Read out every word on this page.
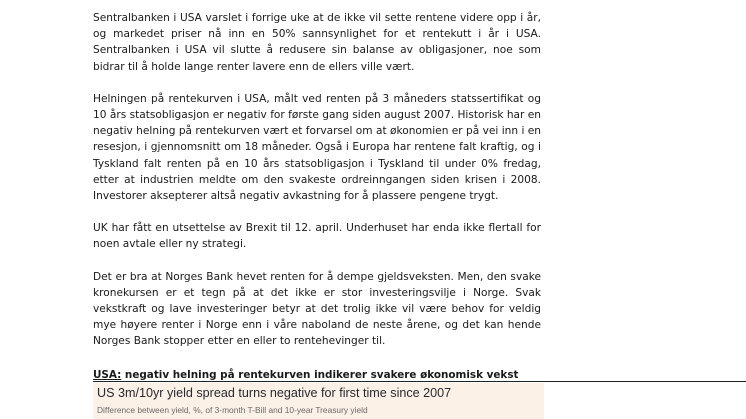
Sentralbanken i USA varslet i forrige uke at de ikke vil sette rentene videre opp i år, og markedet priser nå inn en 50% sannsynlighet for et rentekutt i år i USA. Sentralbanken i USA vil slutte å redusere sin balanse av obligasjoner, noe som bidrar til å holde lange renter lavere enn de ellers ville vært.

Helningen på rentekurven i USA, målt ved renten på 3 måneders statssertifikat og 10 års statsobligasjon er negativ for første gang siden august 2007. Historisk har en negativ helning på rentekurven vært et forvarsel om at økonomien er på vei inn i en resesjon, i gjennomsnitt om 18 måneder. Også i Europa har rentene falt kraftig, og i Tyskland falt renten på en 10 års statsobligasjon i Tyskland til under 0% fredag, etter at industrien meldte om den svakeste ordreinngangen siden krisen i 2008. Investorer aksepterer altså negativ avkastning for å plassere pengene trygt.

UK har fått en utsettelse av Brexit til 12. april. Underhuset har enda ikke flertall for noen avtale eller ny strategi.

Det er bra at Norges Bank hevet renten for å dempe gjeldsveksten. Men, den svake kronekursen er et tegn på at det ikke er stor investeringsvilje i Norge. Svak vekstkraft og lave investeringer betyr at det trolig ikke vil være behov for veldig mye høyere renter i Norge enn i våre naboland de neste årene, og det kan hende Norges Bank stopper etter en eller to rentehevinger til.

USA: negativ helning på rentekurven indikerer svakere økonomisk vekst
US 3m/10yr yield spread turns negative for first time since 2007
Difference between yield, %, of 3-month T-Bill and 10-year Treasury yield
